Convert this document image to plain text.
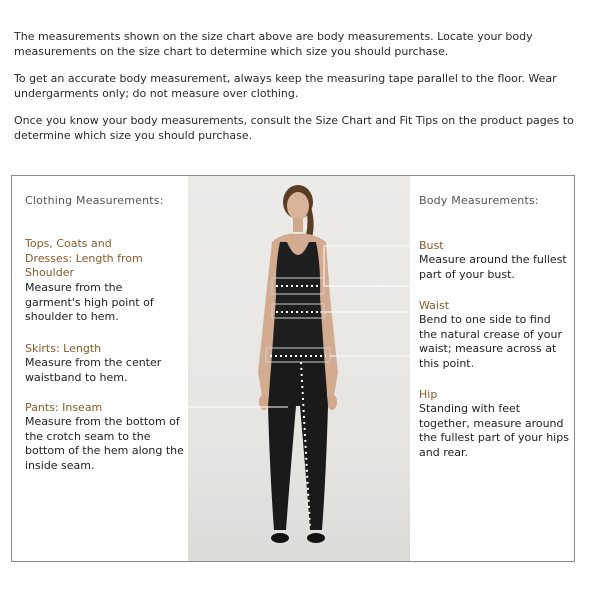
The measurements shown on the size chart above are body measurements. Locate your body measurements on the size chart to determine which size you should purchase.

To get an accurate body measurement, always keep the measuring tape parallel to the floor. Wear undergarments only; do not measure over clothing.

Once you know your body measurements, consult the Size Chart and Fit Tips on the product pages to determine which size you should purchase.

Clothing Measurements:
Tops, Coats and Dresses: Length from Shoulder
Measure from the garment's high point of shoulder to hem.
Skirts: Length
Measure from the center waistband to hem.
Pants: Inseam
Measure from the bottom of the crotch seam to the bottom of the hem along the inside seam.
Body Measurements:
Bust
Measure around the fullest part of your bust.
Waist
Bend to one side to find the natural crease of your waist; measure across at this point.
Hip
Standing with feet together, measure around the fullest part of your hips and rear.
